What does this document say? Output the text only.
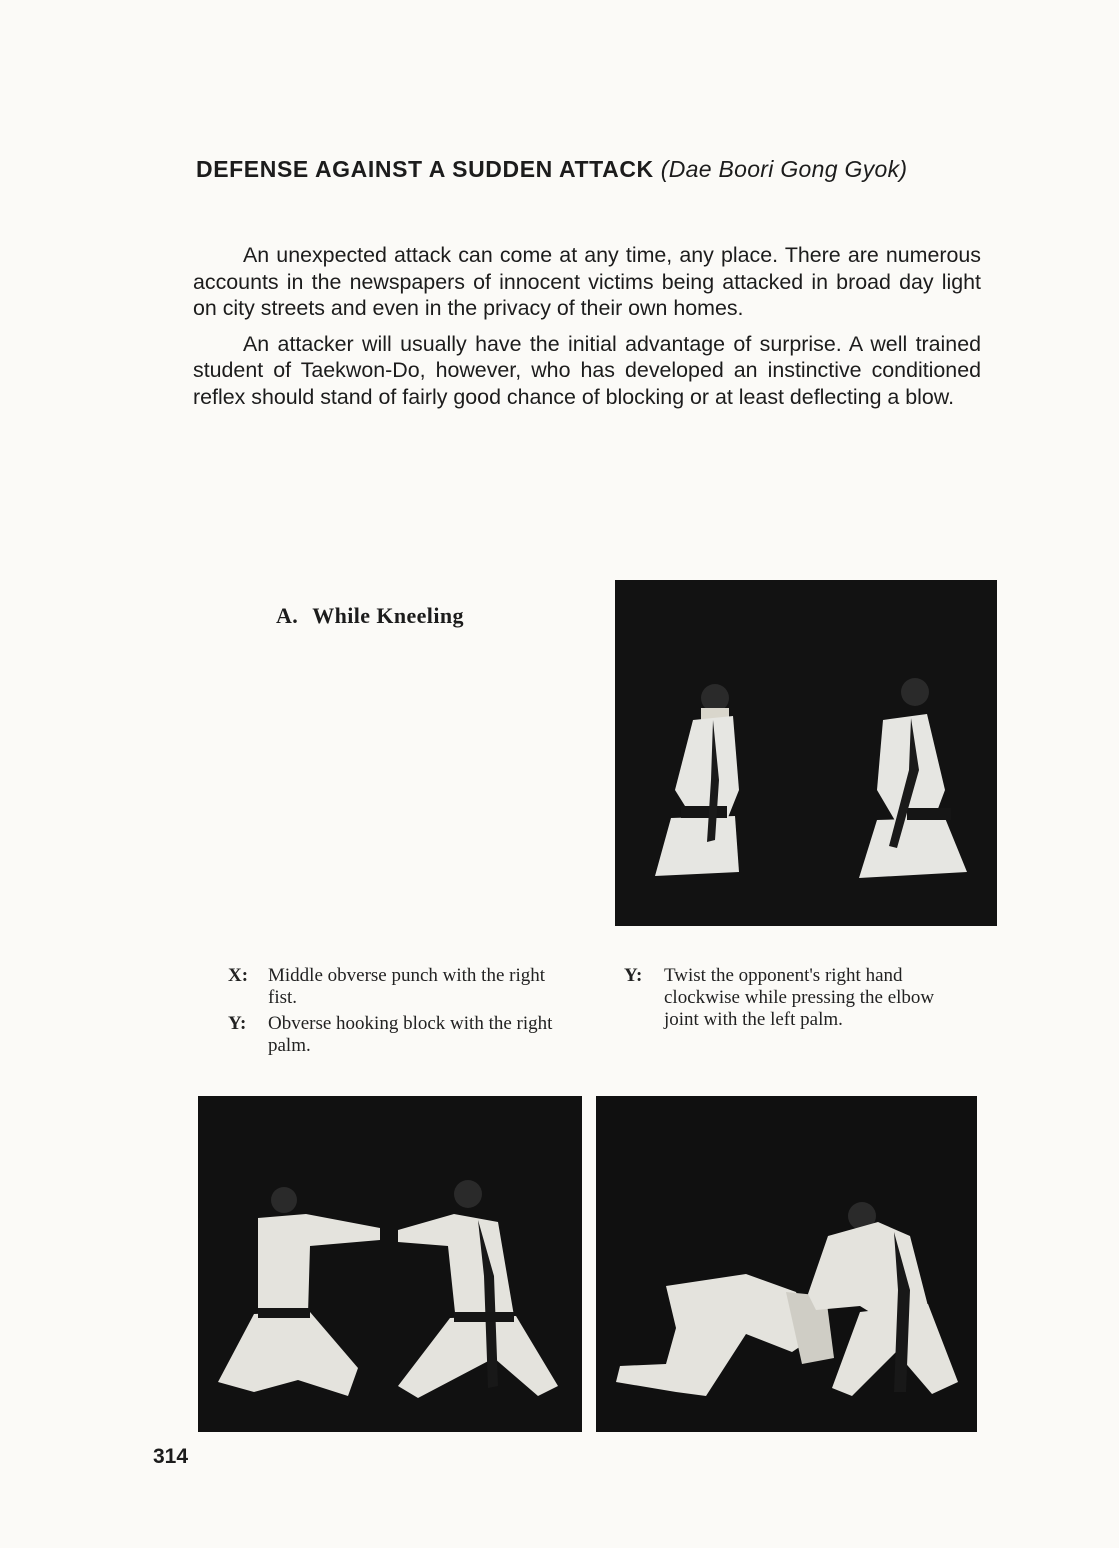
DEFENSE AGAINST A SUDDEN ATTACK (Dae Boori Gong Gyok)

An unexpected attack can come at any time, any place. There are numerous accounts in the newspapers of innocent victims being attacked in broad day light on city streets and even in the privacy of their own homes.

An attacker will usually have the initial advantage of surprise. A well trained student of Taekwon-Do, however, who has developed an instinctive conditioned reflex should stand of fairly good chance of blocking or at least deflecting a blow.

A. While Kneeling
X:	Middle obverse punch with the right fist.
Y:	Obverse hooking block with the right palm.
Y:	Twist the opponent's right hand clockwise while pressing the elbow joint with the left palm.
314
